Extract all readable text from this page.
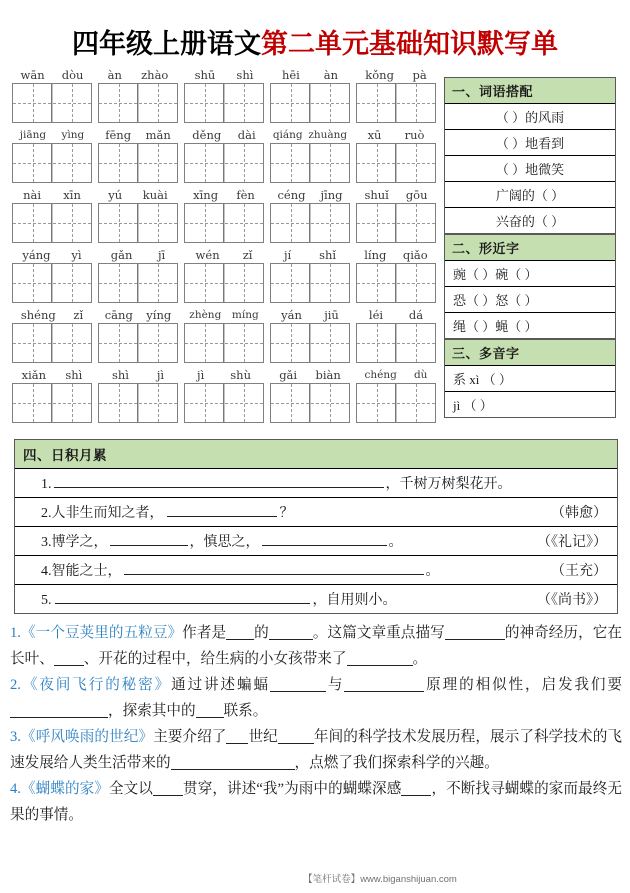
四年级上册语文第二单元基础知识默写单
wān dòu àn zhào shū shì hēi àn kǒng pà
jiāng yìng fēng mǎn děng dài qiáng zhuàng xū ruò
nài xīn yú kuài xīng fèn céng jīng shuǐ gōu
yáng yì	gǎn jī	wén zǐ	jí shǐ líng qiǎo
shéng zǐ cāng yíng zhèng míng yán jiū	léi dá
xiǎn shì	shì jì	jì shù gǎi biàn chéng dù
一、词语搭配
（ ）的风雨
（ ）地看到
（ ）地微笑
广阔的（ ）
兴奋的（ ）
二、形近字
豌（ ）碗（ ）
恐（ ）怒（ ）
绳（ ）蝇（ ）
三、多音字
系 xì （ ）
jì （ ）
四、日积月累
1.	，千树万树梨花开。
2. 人非生而知之者，	？	（韩愈）
3. 博学之，	，慎思之，	。	（《礼记》）
4. 智能之士，	。	（王充）
5.	，自用则小。	（《尚书》）
1.《一个豆荚里的五粒豆》作者是 的	。这篇文章重点描写	的神奇经历，它在长叶、 、开花的过程中，给生病的小女孩带来了	。
2.《夜间飞行的秘密》通过讲述蝙蝠	与	原理的相似性，启发我们要，探索其中的 联系。
3.《呼风唤雨的世纪》主要介绍了 世纪 年间的科学技术发展历程，展示了科学技术的飞速发展给人类生活带来的	，点燃了我们探索科学的兴趣。
4.《蝴蝶的家》全文以 贯穿，讲述“我”为雨中的蝴蝶深感 ，不断找寻蝴蝶的家而最终无果的事情。
【笔杆试卷】www.biganshijuan.com
